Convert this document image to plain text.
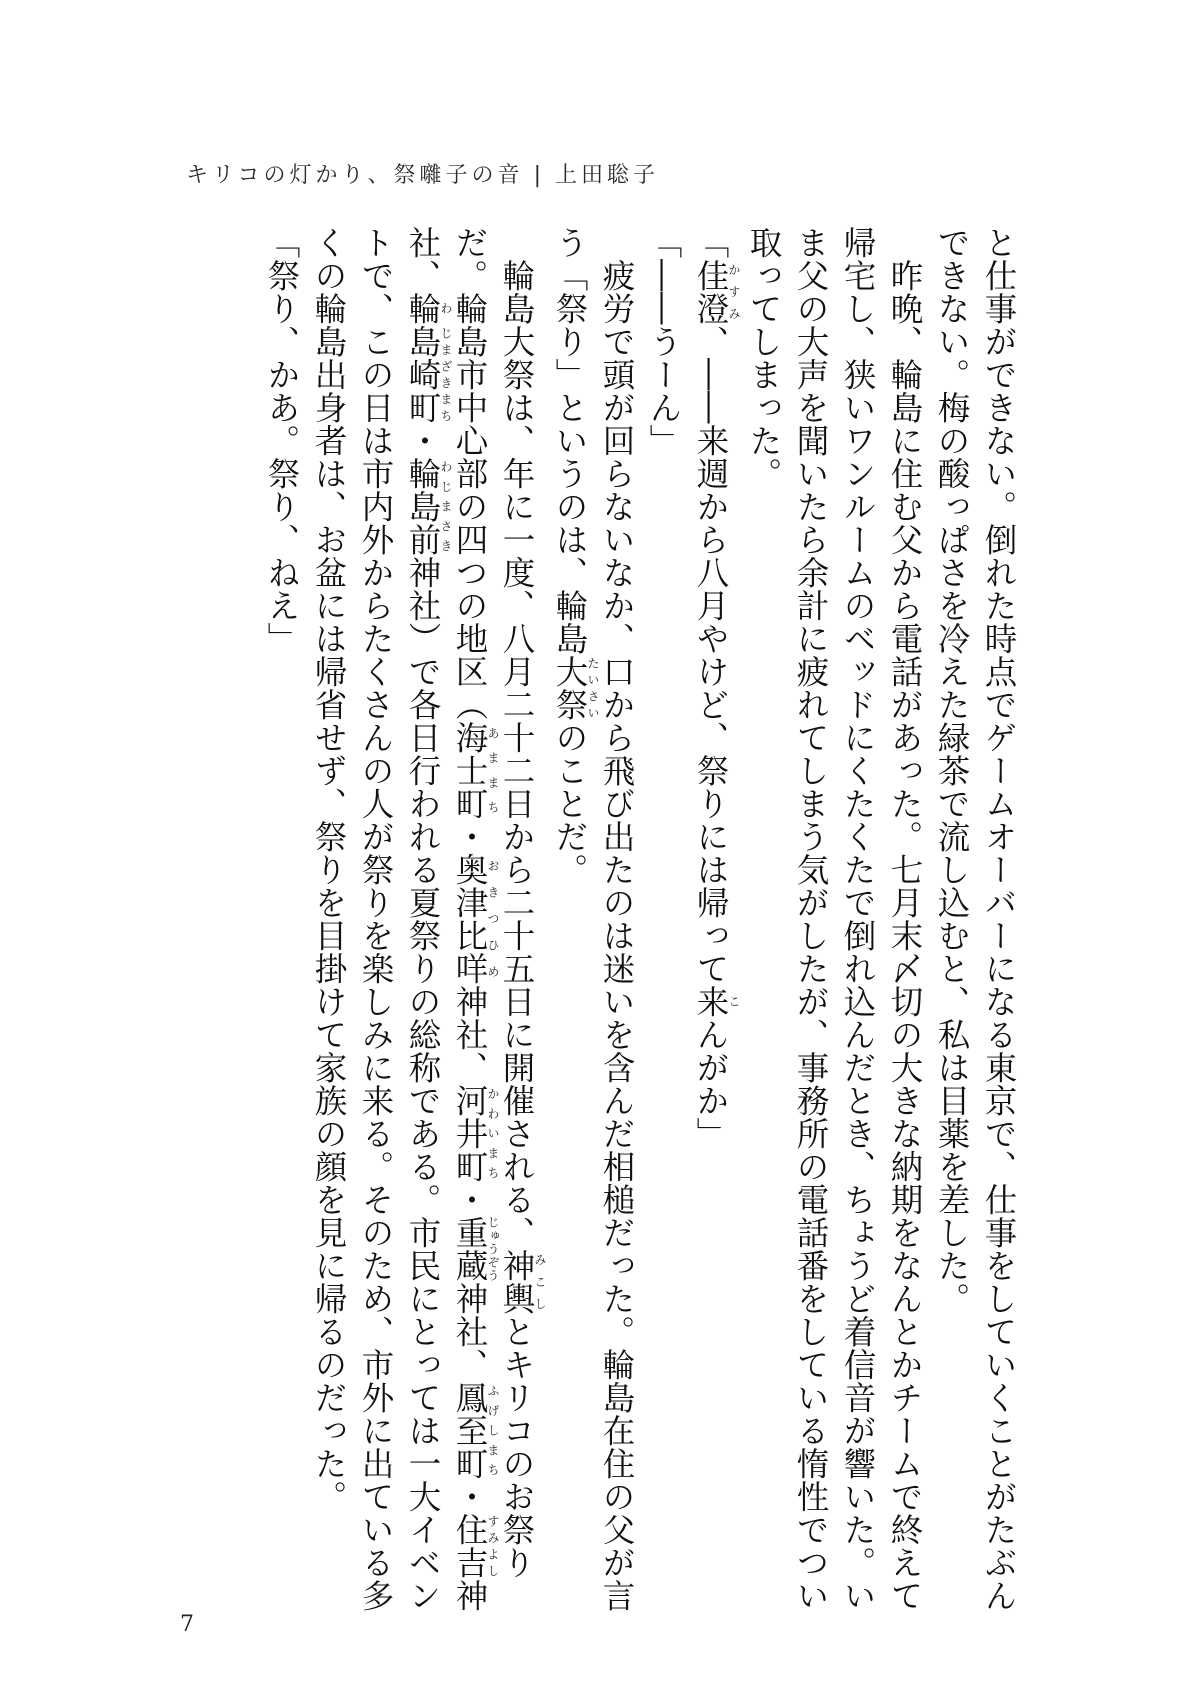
キリコの灯かり、祭囃子の音 | 上田聡子

と仕事ができない。倒れた時点でゲームオーバーになる東京で、仕事をしていくことがたぶんできない。梅の酸っぱさを冷えた緑茶で流し込むと、私は目薬を差した。

昨晩、輪島に住む父から電話があった。七月末〆切の大きな納期をなんとかチームで終えて帰宅し、狭いワンルームのベッドにくたくたで倒れ込んだとき、ちょうど着信音が響いた。いま父の大声を聞いたら余計に疲れてしまう気がしたが、事務所の電話番をしている惰性でつい取ってしまった。

「佳澄かすみ、――来週から八月やけど、祭りには帰って来こんがか」

「――うーん」

疲労で頭が回らないなか、口から飛び出たのは迷いを含んだ相槌だった。輪島在住の父が言う「祭り」というのは、輪島大祭たいさいのことだ。

輪島大祭は、年に一度、八月二十二日から二十五日に開催される、神輿みこしとキリコのお祭りだ。輪島市中心部の四つの地区（海士町あままち・奥津比咩おきつひめ神社、河井町かわいまち・重蔵じゅうぞう神社、鳳至町ふげしまち・住吉すみよし神社、輪わ島崎町じまざきまち・輪島前わじまさき神社）で各日行われる夏祭りの総称である。市民にとっては一大イベントで、この日は市内外からたくさんの人が祭りを楽しみに来る。そのため、市外に出ている多くの輪島出身者は、お盆には帰省せず、祭りを目掛けて家族の顔を見に帰るのだった。

「祭り、かあ。祭り、ねえ」

7
